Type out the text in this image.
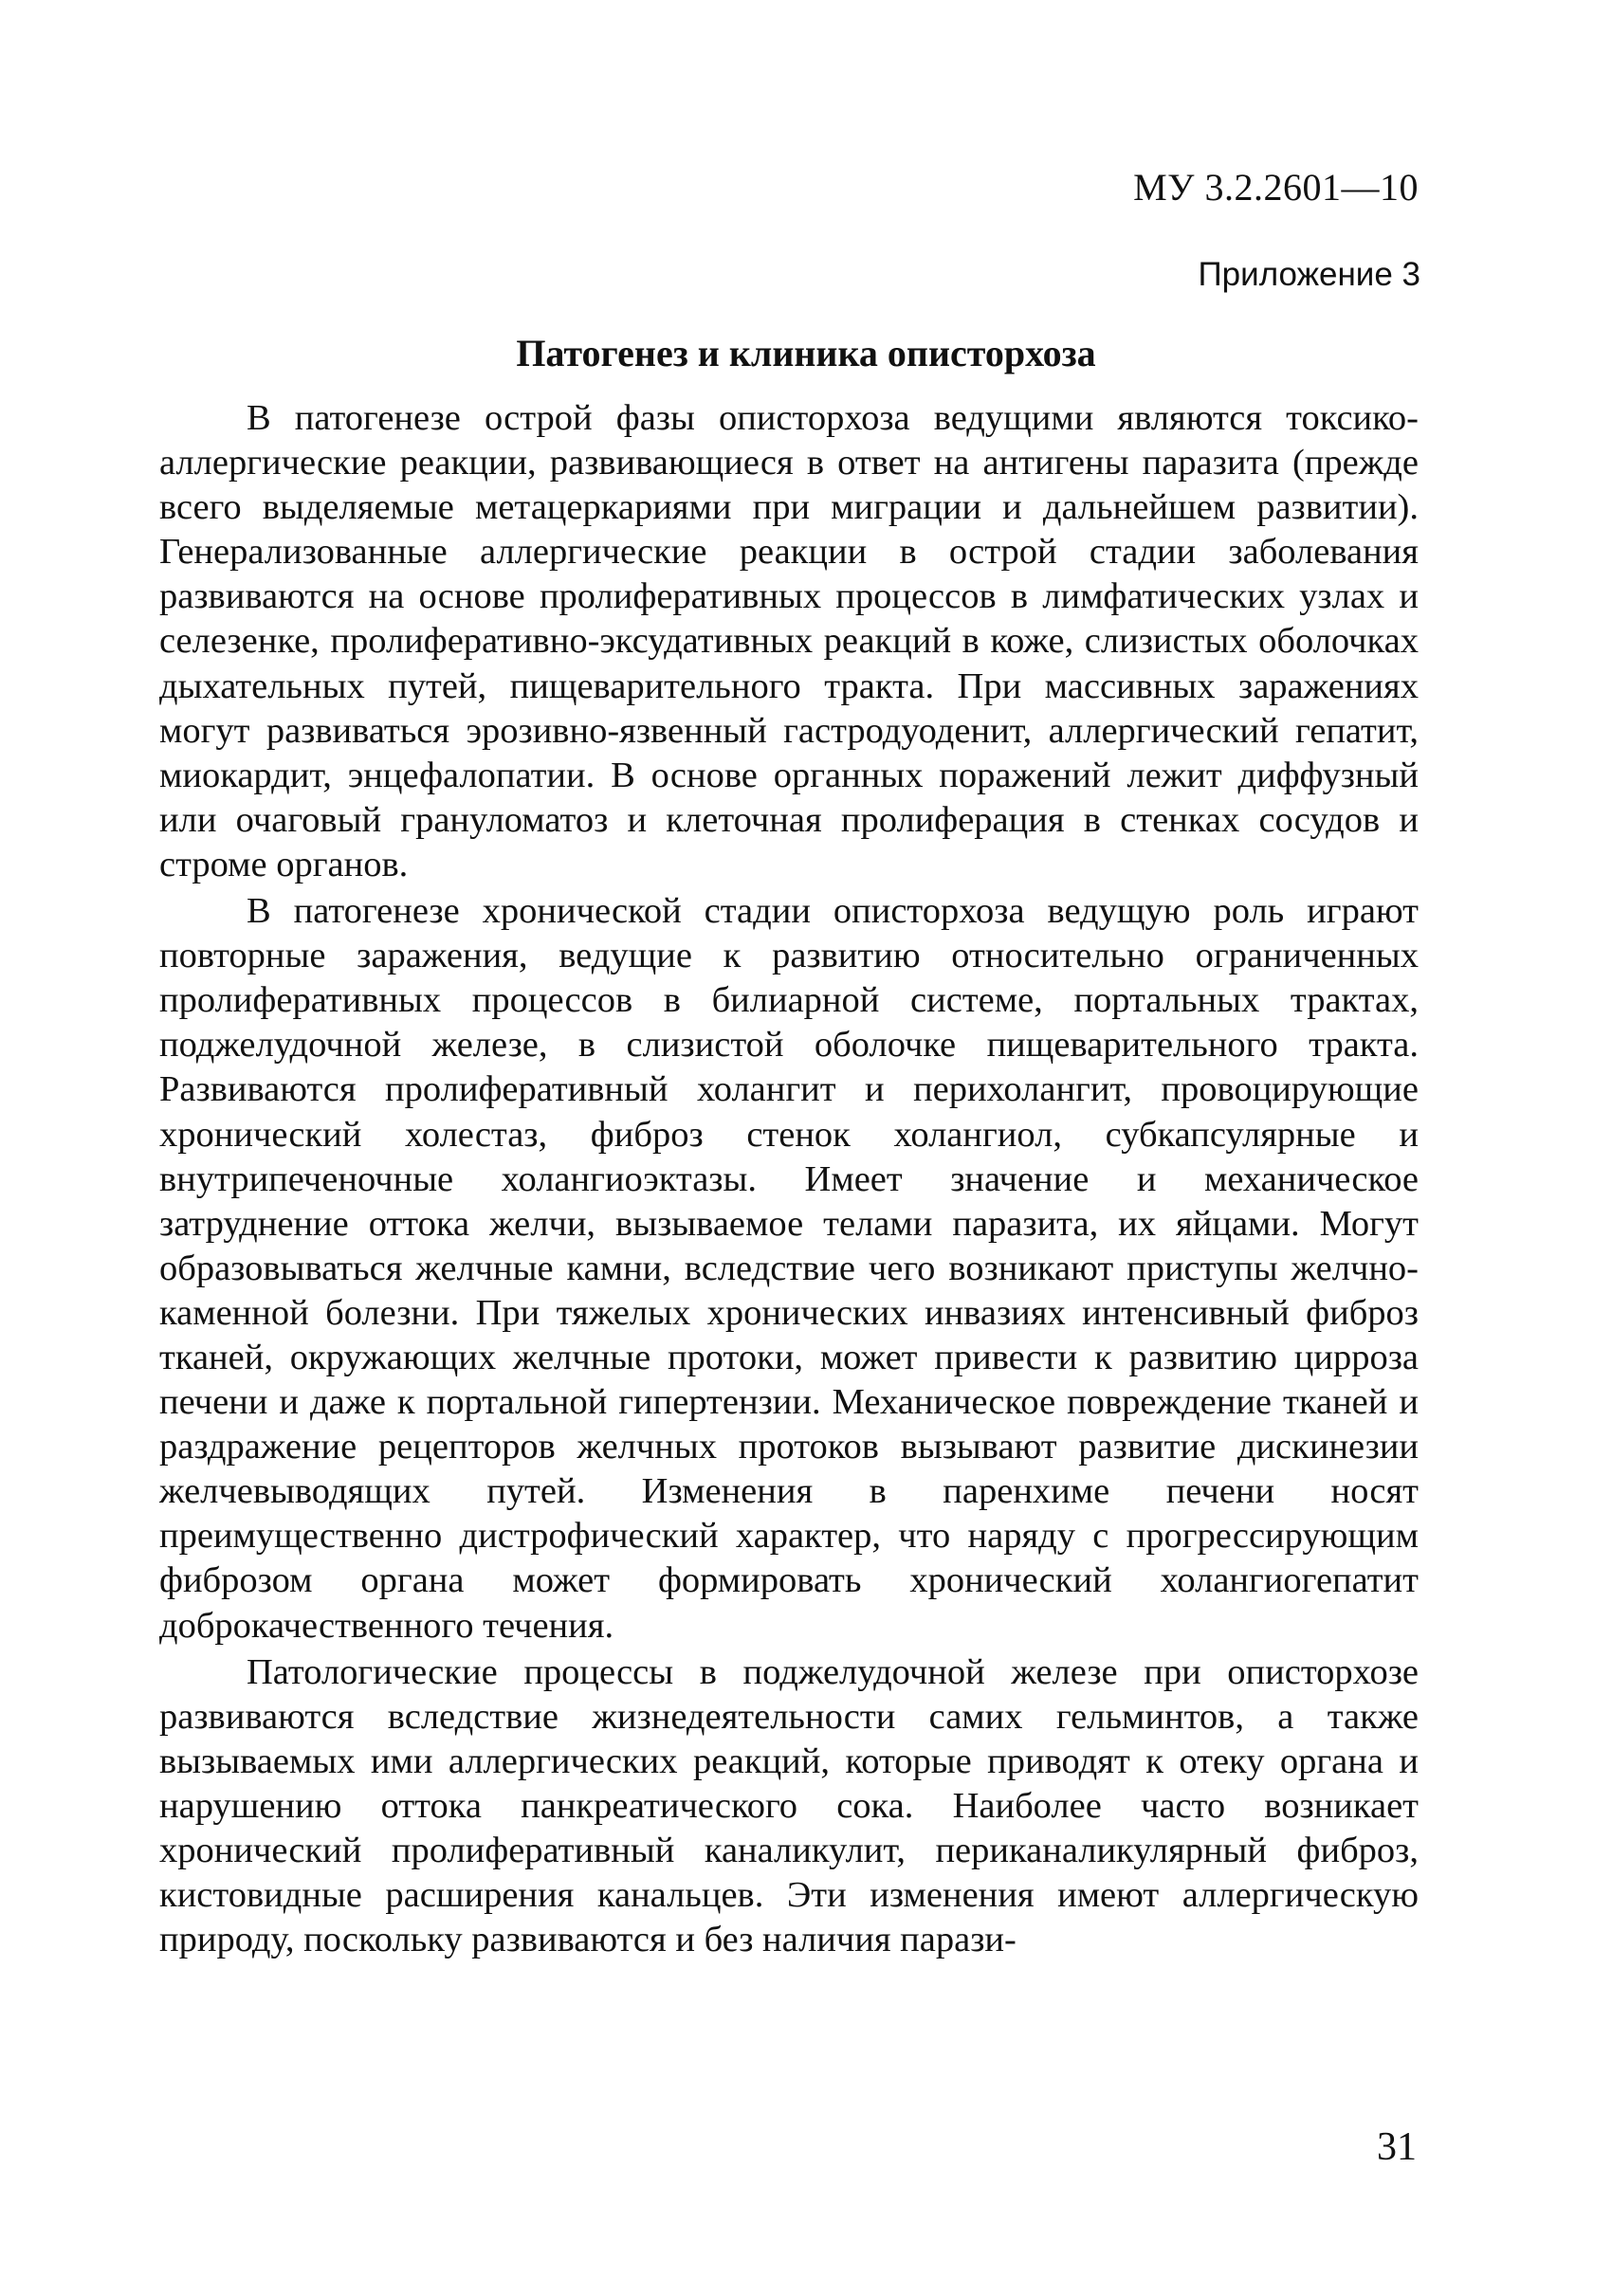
МУ 3.2.2601—10
Приложение 3
Патогенез и клиника описторхоза

В патогенезе острой фазы описторхоза ведущими являются токсико-аллергические реакции, развивающиеся в ответ на антигены паразита (прежде всего выделяемые метацеркариями при миграции и дальнейшем развитии). Генерализованные аллергические реакции в острой стадии заболевания развиваются на основе пролиферативных процессов в лимфатических узлах и селезенке, пролиферативно-эксудативных реакций в коже, слизистых оболочках дыхательных путей, пищеварительного тракта. При массивных заражениях могут развиваться эрозивно-язвенный гастродуоденит, аллергический гепатит, миокардит, энцефалопатии. В основе органных поражений лежит диффузный или очаговый грануломатоз и клеточная пролиферация в стенках сосудов и строме органов.

В патогенезе хронической стадии описторхоза ведущую роль играют повторные заражения, ведущие к развитию относительно ограниченных пролиферативных процессов в билиарной системе, портальных трактах, поджелудочной железе, в слизистой оболочке пищеварительного тракта. Развиваются пролиферативный холангит и перихолангит, провоцирующие хронический холестаз, фиброз стенок холангиол, субкапсулярные и внутрипеченочные холангиоэктазы. Имеет значение и механическое затруднение оттока желчи, вызываемое телами паразита, их яйцами. Могут образовываться желчные камни, вследствие чего возникают приступы желчно-каменной болезни. При тяжелых хронических инвазиях интенсивный фиброз тканей, окружающих желчные протоки, может привести к развитию цирроза печени и даже к портальной гипертензии. Механическое повреждение тканей и раздражение рецепторов желчных протоков вызывают развитие дискинезии желчевыводящих путей. Изменения в паренхиме печени носят преимущественно дистрофический характер, что наряду с прогрессирующим фиброзом органа может формировать хронический холангиогепатит доброкачественного течения.

Патологические процессы в поджелудочной железе при описторхозе развиваются вследствие жизнедеятельности самих гельминтов, а также вызываемых ими аллергических реакций, которые приводят к отеку органа и нарушению оттока панкреатического сока. Наиболее часто возникает хронический пролиферативный каналикулит, периканаликулярный фиброз, кистовидные расширения канальцев. Эти изменения имеют аллергическую природу, поскольку развиваются и без наличия парази-

31
